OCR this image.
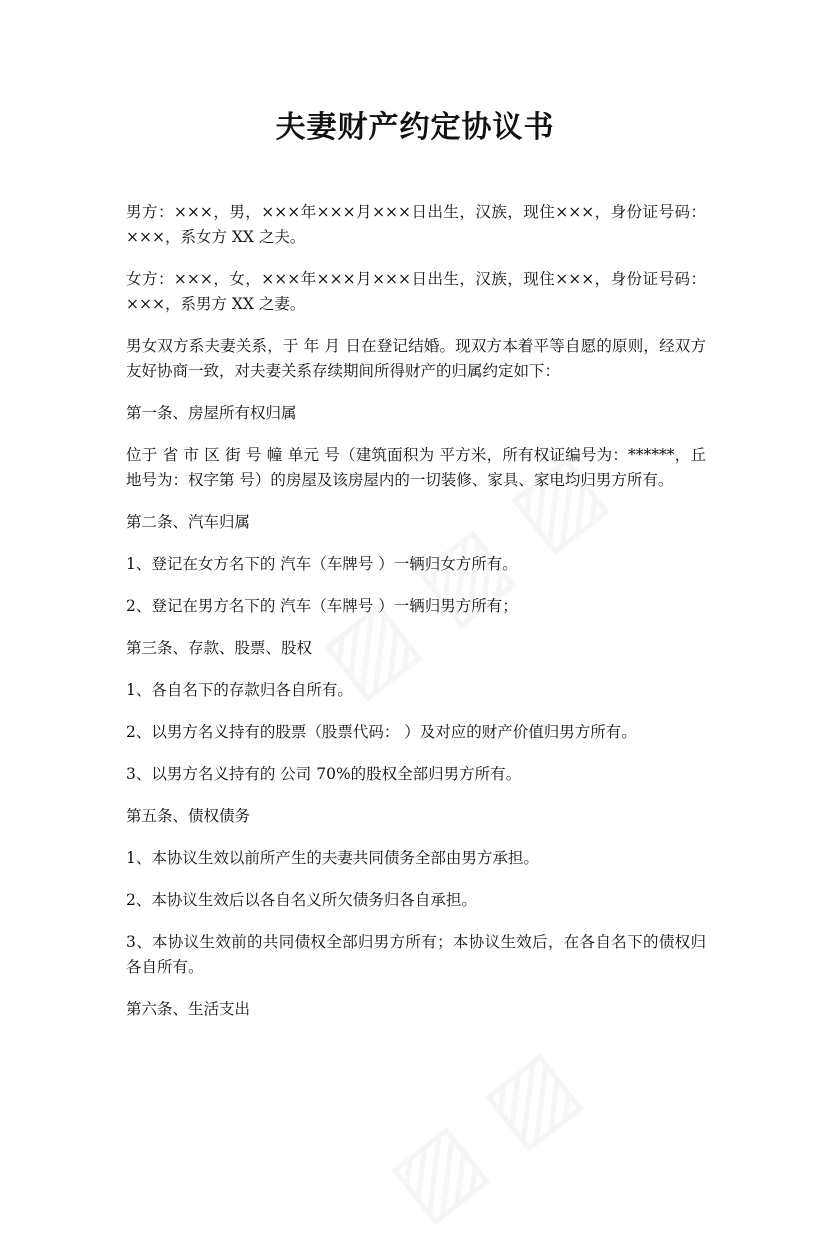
夫妻财产约定协议书

男方：×××，男，×××年×××月×××日出生，汉族，现住×××，身份证号码：×××，系女方 XX 之夫。

女方：×××，女，×××年×××月×××日出生，汉族，现住×××，身份证号码：×××，系男方 XX 之妻。

男女双方系夫妻关系，于 年 月 日在登记结婚。现双方本着平等自愿的原则，经双方友好协商一致，对夫妻关系存续期间所得财产的归属约定如下：

第一条、房屋所有权归属

位于 省 市 区 街 号 幢 单元 号（建筑面积为 平方米，所有权证编号为：******，丘地号为：权字第 号）的房屋及该房屋内的一切装修、家具、家电均归男方所有。

第二条、汽车归属

1、登记在女方名下的 汽车（车牌号 ）一辆归女方所有。

2、登记在男方名下的 汽车（车牌号 ）一辆归男方所有；

第三条、存款、股票、股权

1、各自名下的存款归各自所有。

2、以男方名义持有的股票（股票代码： ）及对应的财产价值归男方所有。

3、以男方名义持有的 公司 70%的股权全部归男方所有。

第五条、债权债务

1、本协议生效以前所产生的夫妻共同债务全部由男方承担。

2、本协议生效后以各自名义所欠债务归各自承担。

3、本协议生效前的共同债权全部归男方所有；本协议生效后，在各自名下的债权归各自所有。

第六条、生活支出
